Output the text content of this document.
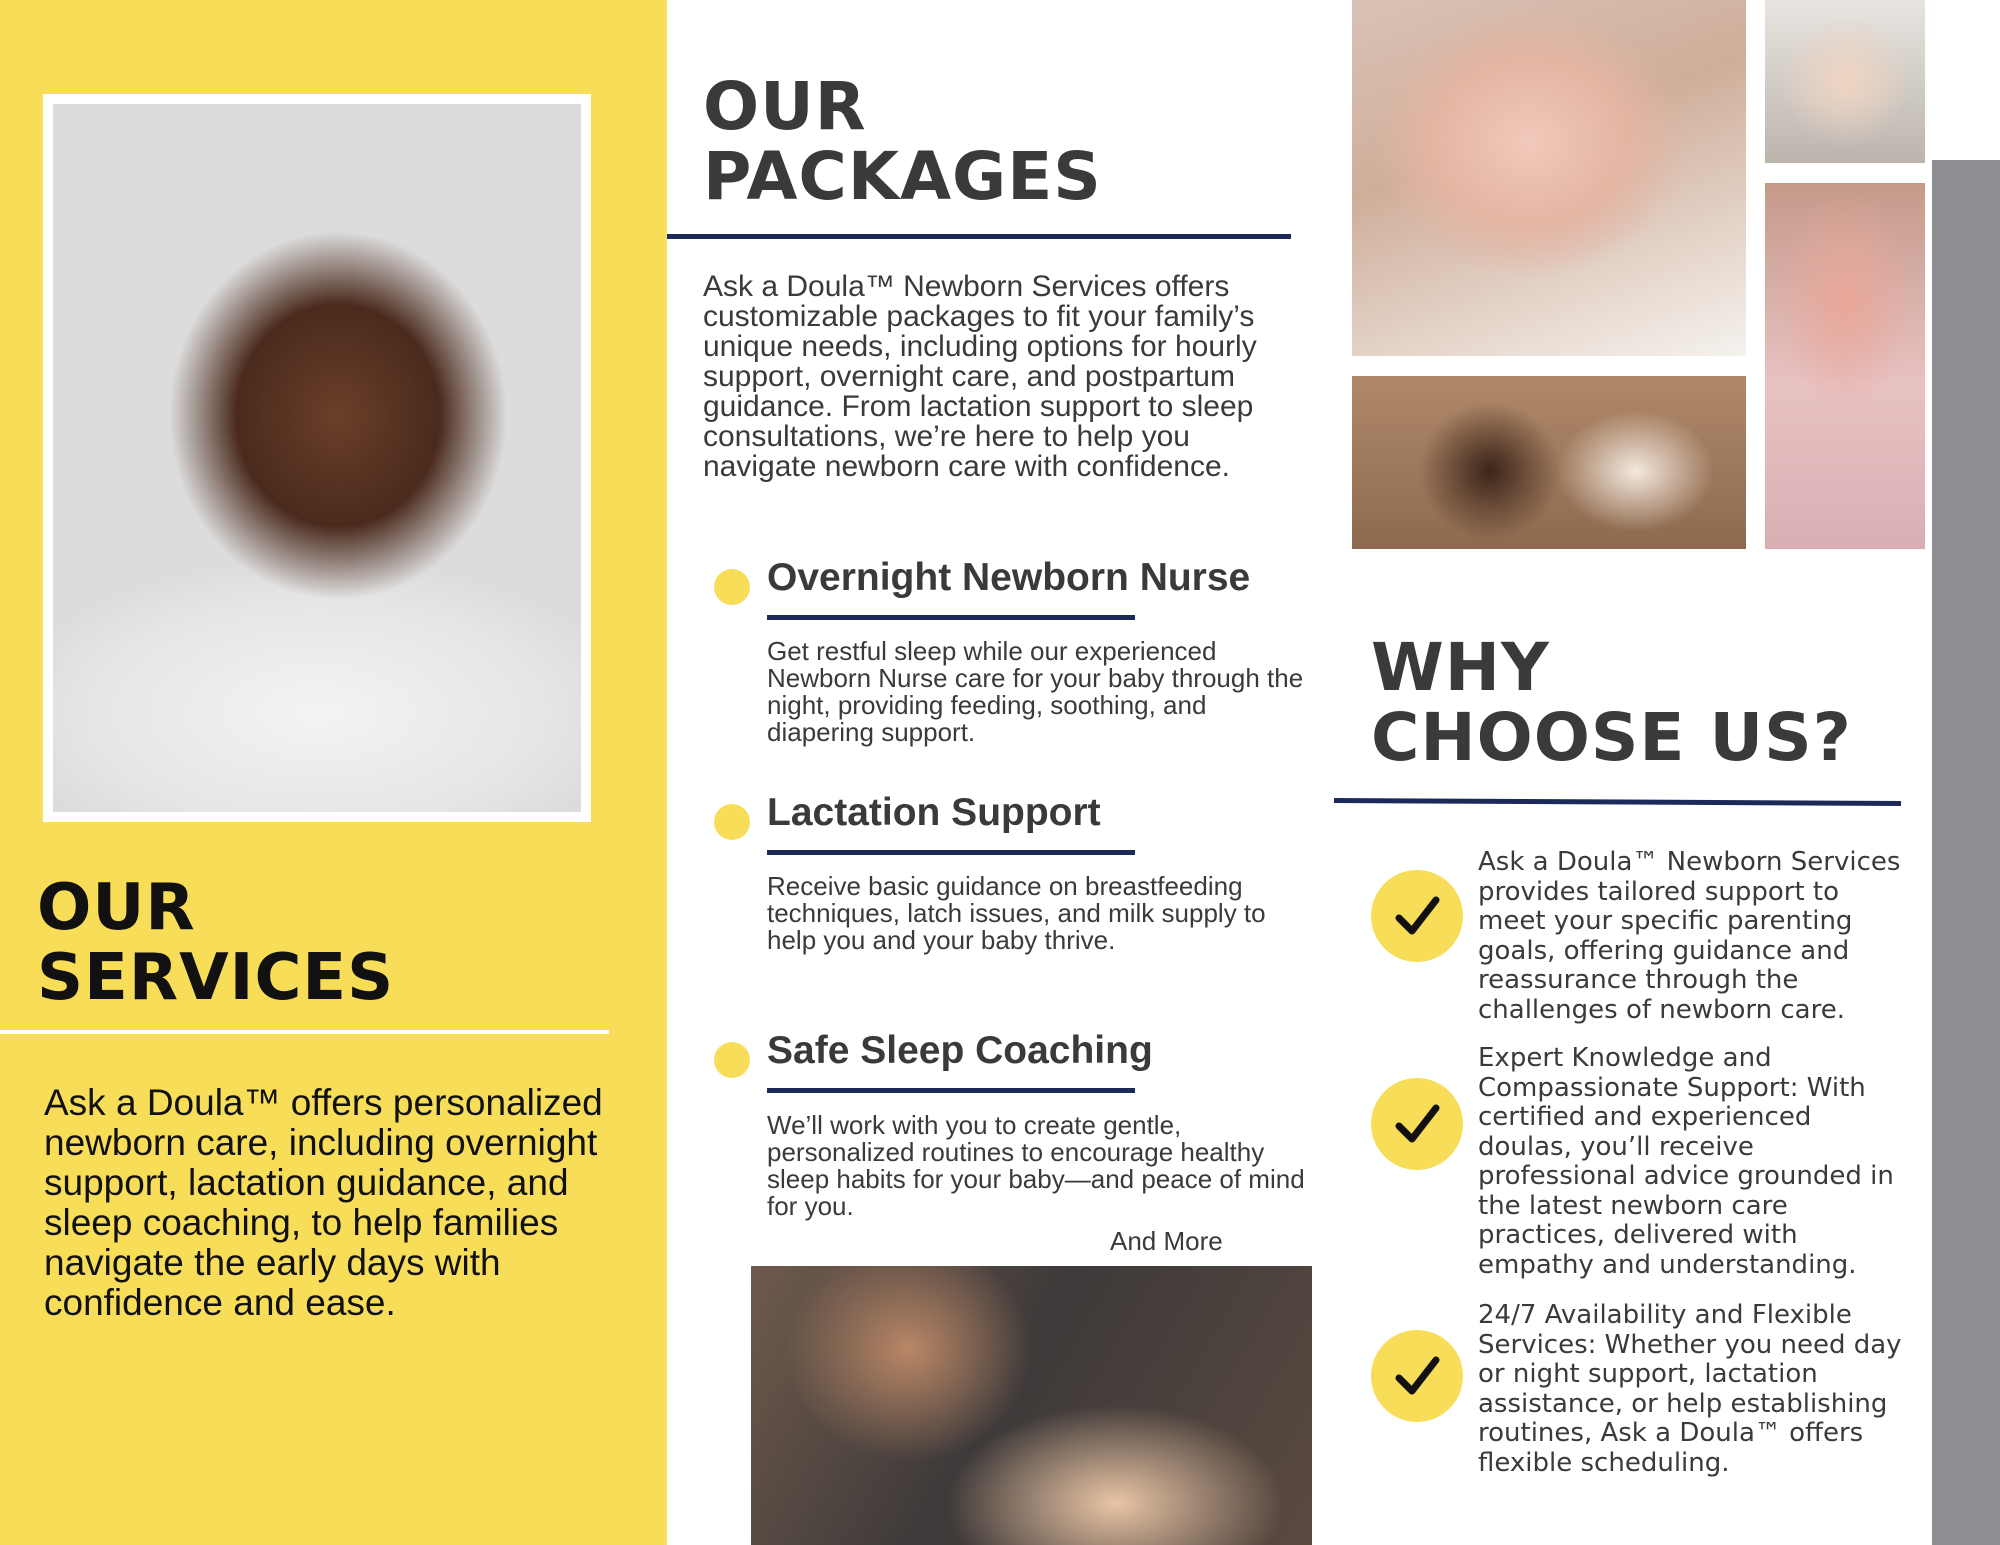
OUR
SERVICES
Ask a Doula™ offers personalized newborn care, including overnight support, lactation guidance, and sleep coaching, to help families navigate the early days with confidence and ease.
OUR
PACKAGES
Ask a Doula™ Newborn Services offers customizable packages to fit your family’s unique needs, including options for hourly support, overnight care, and postpartum guidance. From lactation support to sleep consultations, we’re here to help you navigate newborn care with confidence.
Overnight Newborn Nurse
Get restful sleep while our experienced Newborn Nurse care for your baby through the night, providing feeding, soothing, and diapering support.
Lactation Support
Receive basic guidance on breastfeeding techniques, latch issues, and milk supply to help you and your baby thrive.
Safe Sleep Coaching
We’ll work with you to create gentle, personalized routines to encourage healthy sleep habits for your baby—and peace of mind for you.
And More
WHY
CHOOSE US?
Ask a Doula™ Newborn Services provides tailored support to meet your specific parenting goals, offering guidance and reassurance through the challenges of newborn care.
Expert Knowledge and Compassionate Support: With certified and experienced doulas, you’ll receive professional advice grounded in the latest newborn care practices, delivered with empathy and understanding.
24/7 Availability and Flexible Services: Whether you need day or night support, lactation assistance, or help establishing routines, Ask a Doula™ offers flexible scheduling.
